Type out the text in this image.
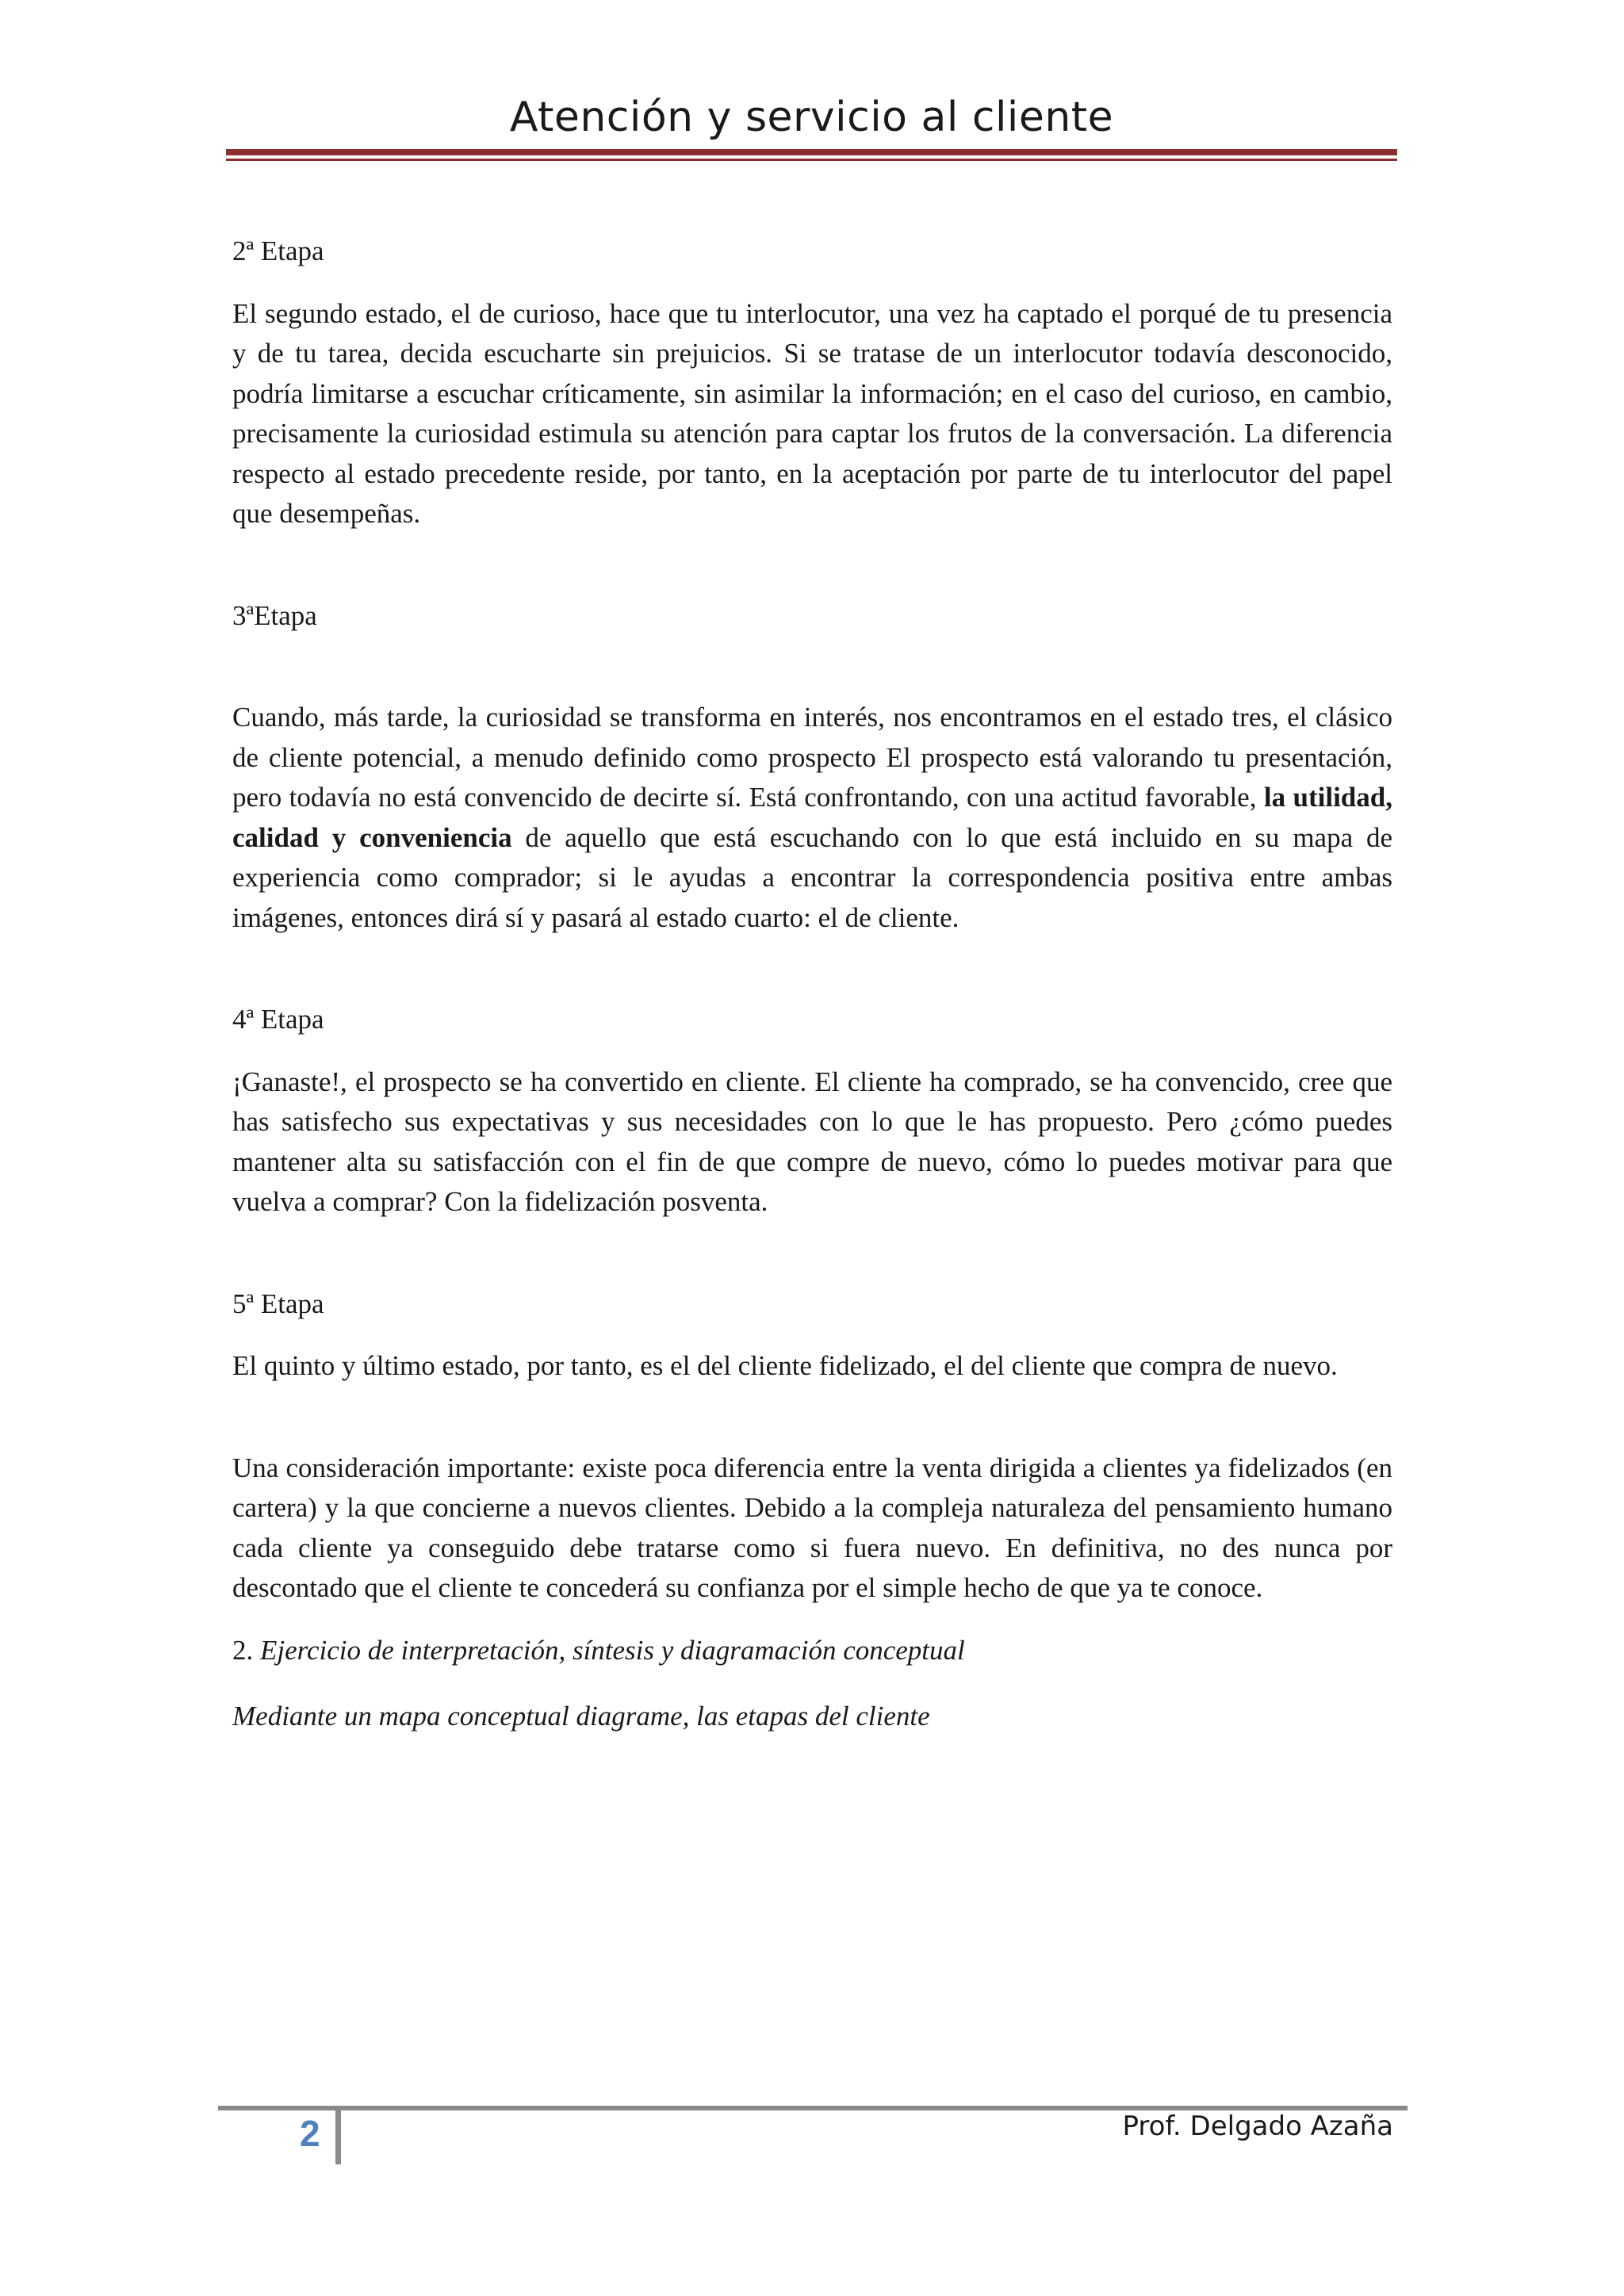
Atención y servicio al cliente

2ª Etapa

El segundo estado, el de curioso, hace que tu interlocutor, una vez ha captado el porqué de tu presencia y de tu tarea, decida escucharte sin prejuicios. Si se tratase de un interlocutor todavía desconocido, podría limitarse a escuchar críticamente, sin asimilar la información; en el caso del curioso, en cambio, precisamente la curiosidad estimula su atención para captar los frutos de la conversación. La diferencia respecto al estado precedente reside, por tanto, en la aceptación por parte de tu interlocutor del papel que desempeñas.

3ªEtapa

Cuando, más tarde, la curiosidad se transforma en interés, nos encontramos en el estado tres, el clásico de cliente potencial, a menudo definido como prospecto El prospecto está valorando tu presentación, pero todavía no está convencido de decirte sí. Está confrontando, con una actitud favorable, la utilidad, calidad y conveniencia de aquello que está escuchando con lo que está incluido en su mapa de experiencia como comprador; si le ayudas a encontrar la correspondencia positiva entre ambas imágenes, entonces dirá sí y pasará al estado cuarto: el de cliente.

4ª Etapa

¡Ganaste!, el prospecto se ha convertido en cliente. El cliente ha comprado, se ha convencido, cree que has satisfecho sus expectativas y sus necesidades con lo que le has propuesto. Pero ¿cómo puedes mantener alta su satisfacción con el fin de que compre de nuevo, cómo lo puedes motivar para que vuelva a comprar? Con la fidelización posventa.

5ª Etapa

El quinto y último estado, por tanto, es el del cliente fidelizado, el del cliente que compra de nuevo.

Una consideración importante: existe poca diferencia entre la venta dirigida a clientes ya fidelizados (en cartera) y la que concierne a nuevos clientes. Debido a la compleja naturaleza del pensamiento humano cada cliente ya conseguido debe tratarse como si fuera nuevo. En definitiva, no des nunca por descontado que el cliente te concederá su confianza por el simple hecho de que ya te conoce.

2. Ejercicio de interpretación, síntesis y diagramación conceptual

Mediante un mapa conceptual diagrame, las etapas del cliente

2	Prof. Delgado Azaña
